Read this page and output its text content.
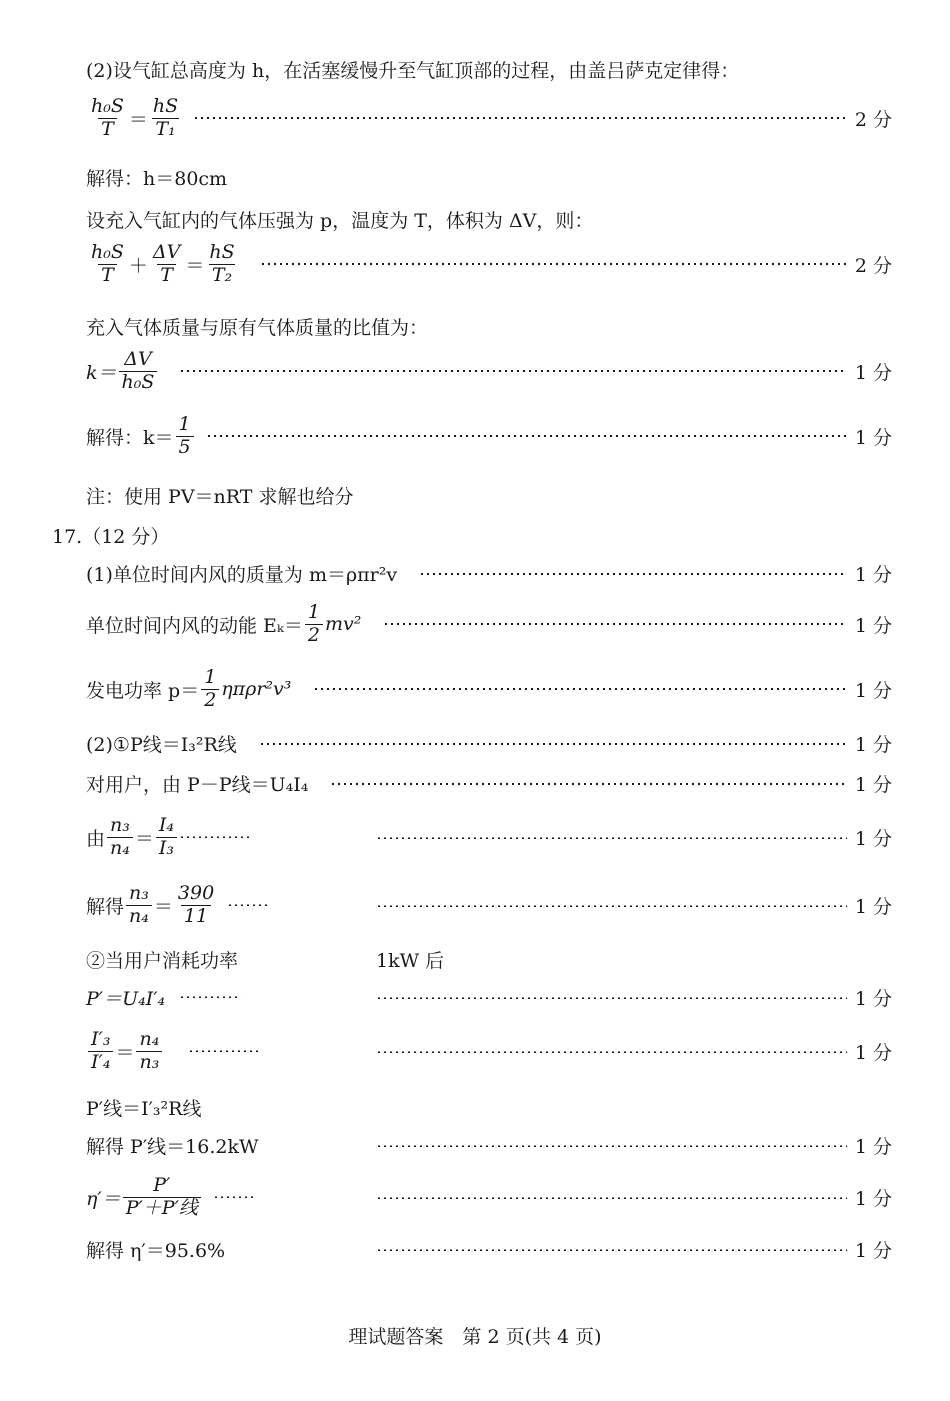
(2)设气缸总高度为 h，在活塞缓慢升至气缸顶部的过程，由盖吕萨克定律得：
$\frac{\text{h₀S}}{T} = \frac{hS}{\text{T₁}}$	2 分
解得：h＝80cm
设充入气缸内的气体压强为 p，温度为 T，体积为 ΔV，则：
$\frac{\text{h₀S}}{T} + \frac{\Delta V}{T} = \frac{hS}{\text{T₂}}$	2 分
充入气体质量与原有气体质量的比值为：
$k= \frac{\Delta V}{\text{h₀S}}$	1 分
解得：$k= \frac{1}{5}$	1 分
注：使用 PV＝nRT 求解也给分
17.（12 分）
(1)单位时间内风的质量为 m＝ρπr²v	1 分
单位时间内风的动能 $E_k= \frac{1}{2} mv^2$	1 分
发电功率 $p= \frac{1}{2} \eta\pi\rho r^2v^3$	1 分
(2)①P线＝I₃²R线	1 分
对用户，由 P－P线＝U₄I₄	1 分
由 $\frac{\text{n₃}}{\text{n₄}} = \frac{\text{I₄}}{\text{I₃}}$	1 分
解得 $\frac{\text{n₃}}{\text{n₄}} = \frac{390}{11}$	1 分
②当用户消耗功率	1kW 后
P′＝U₄I′₄	1 分
$\frac{\text{I′₃}}{\text{I′₄}} = \frac{\text{n₄}}{\text{n₃}}$	1 分
P′线＝I′₃²R线
解得 P′线＝16.2kW	1 分
$\eta'= \frac{P'}{\text{P′＋P′线}}$	1 分
解得 η′＝95.6%	1 分
理试题答案　第 2 页(共 4 页)
